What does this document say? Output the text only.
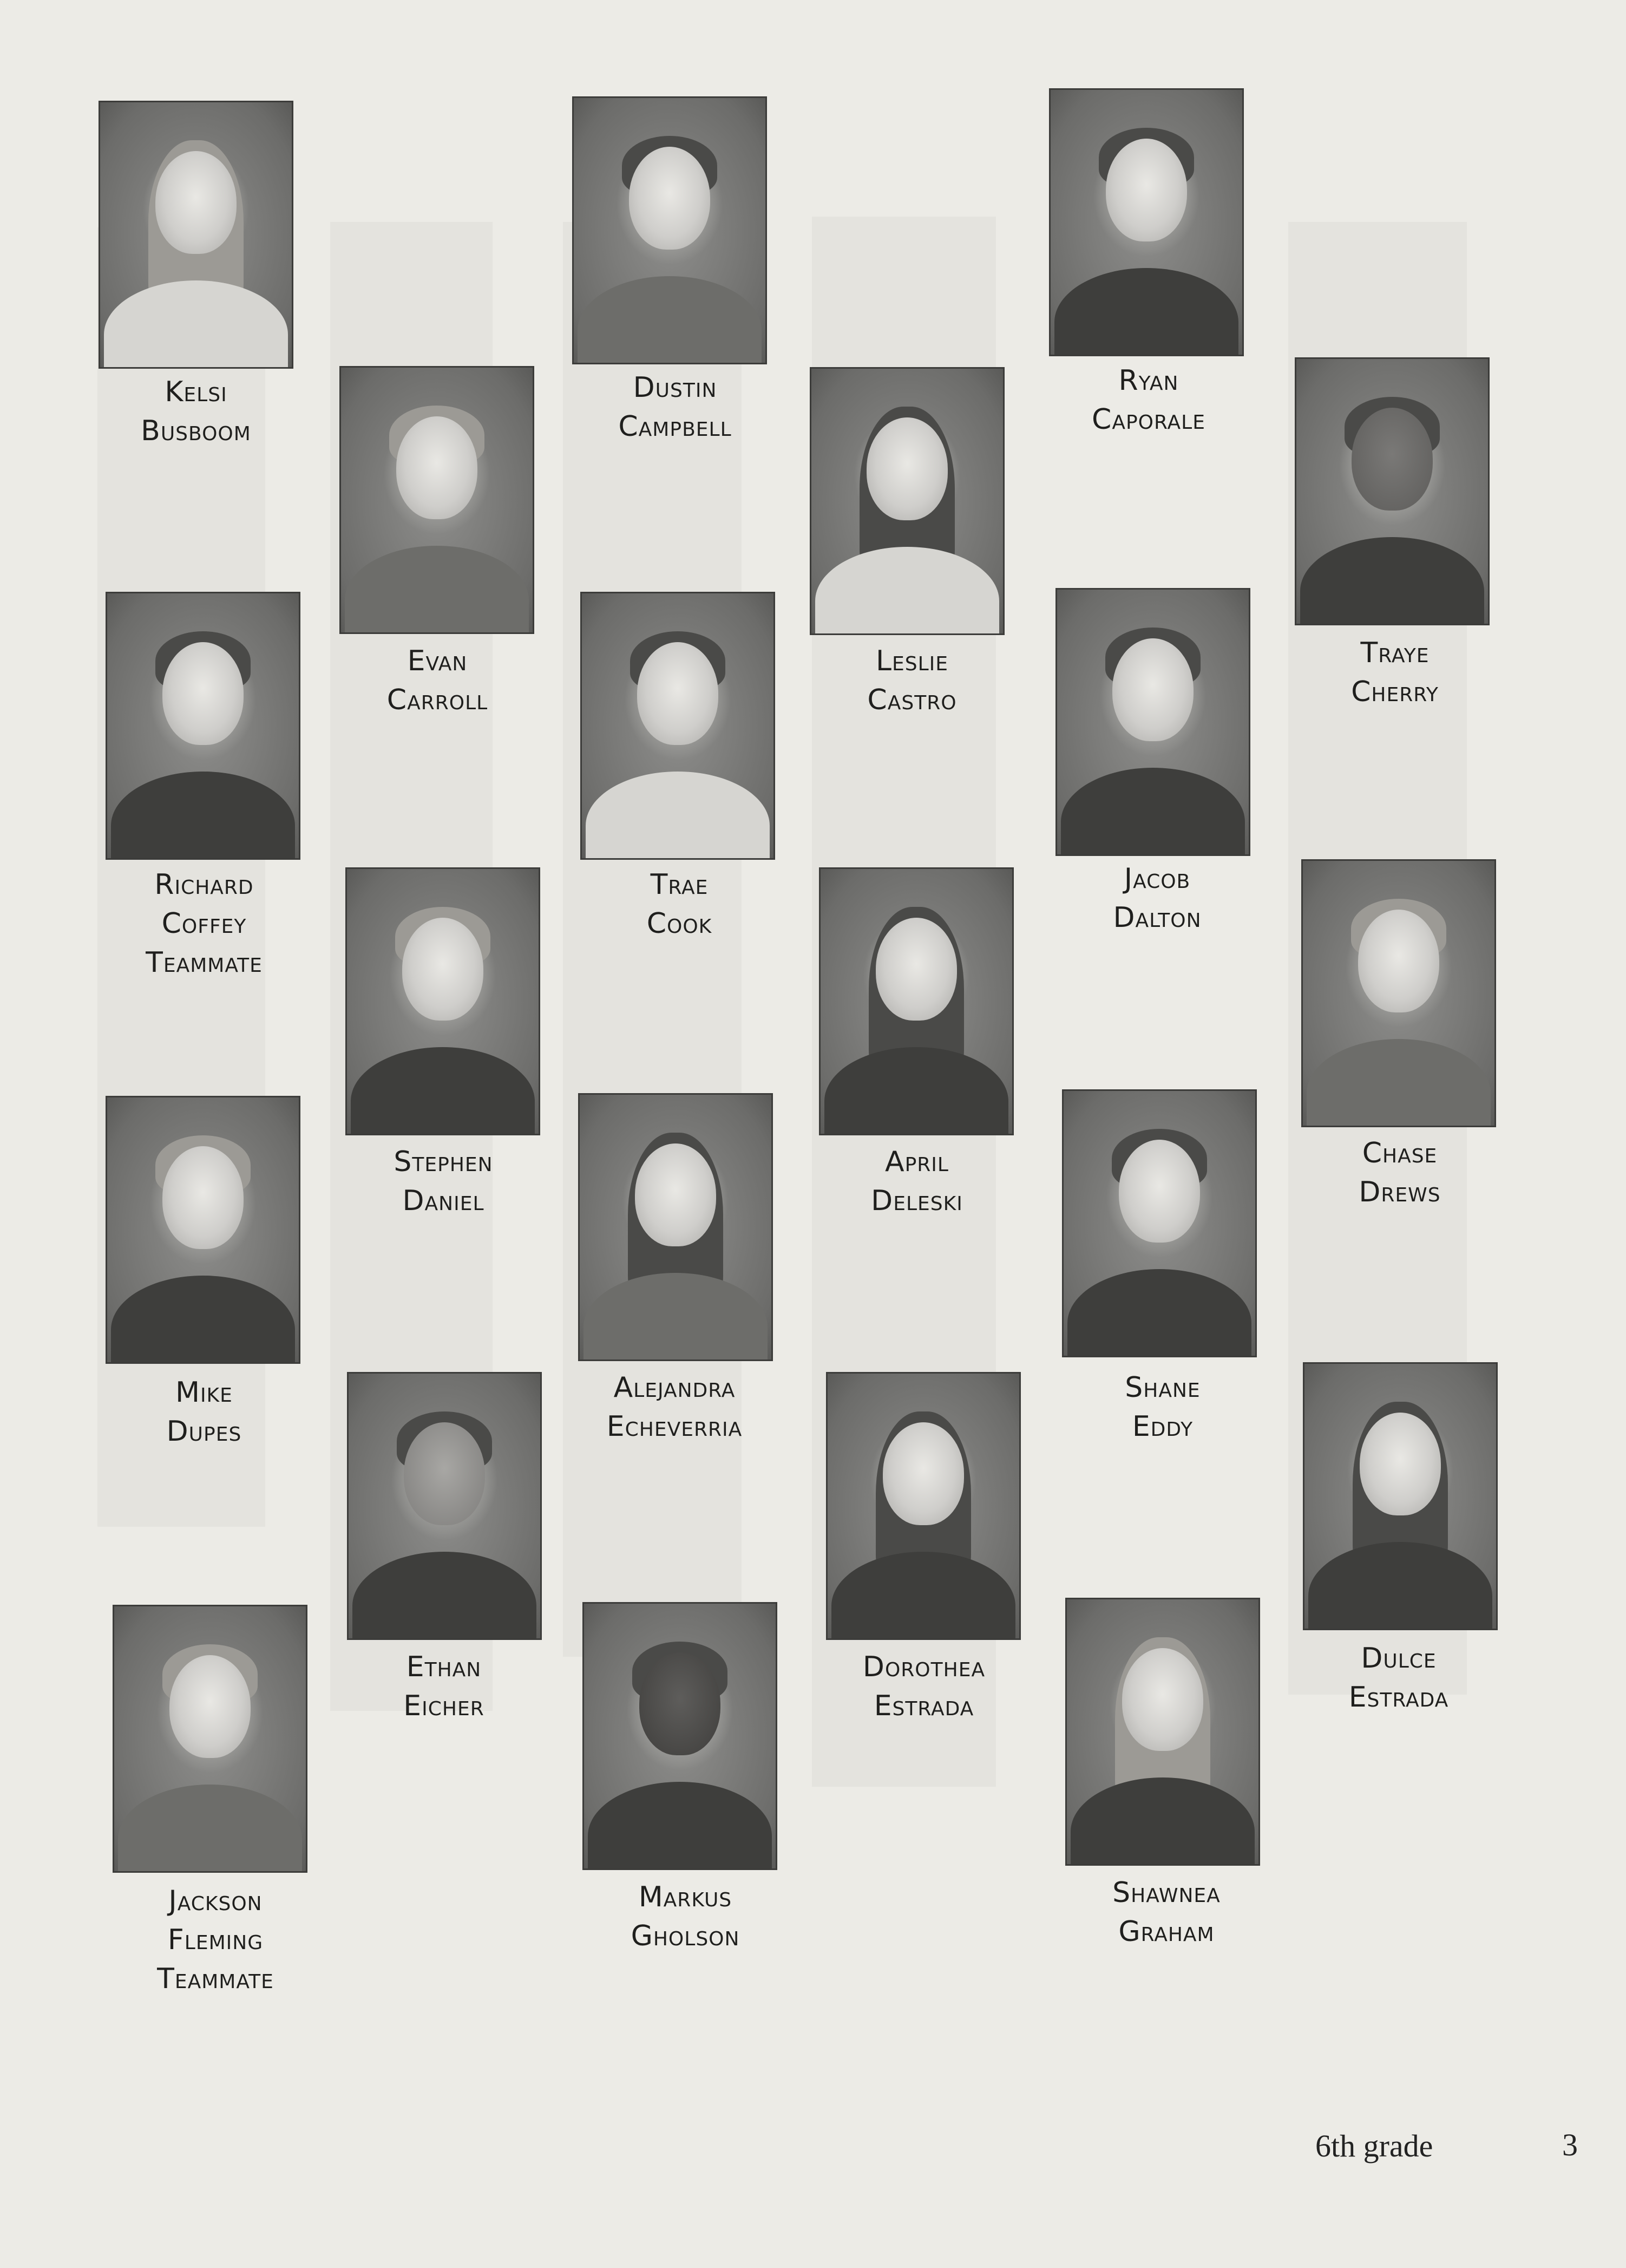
Kelsi
Busboom
Dustin
Campbell
Ryan
Caporale
Evan
Carroll
Leslie
Castro
Traye
Cherry
Richard
Coffey
Teammate
Trae
Cook
Jacob
Dalton
Stephen
Daniel
April
Deleski
Chase
Drews
Mike
Dupes
Alejandra
Echeverria
Shane
Eddy
Ethan
Eicher
Dorothea
Estrada
Dulce
Estrada
Jackson
Fleming
Teammate
Markus
Gholson
Shawnea
Graham
6th grade	3
